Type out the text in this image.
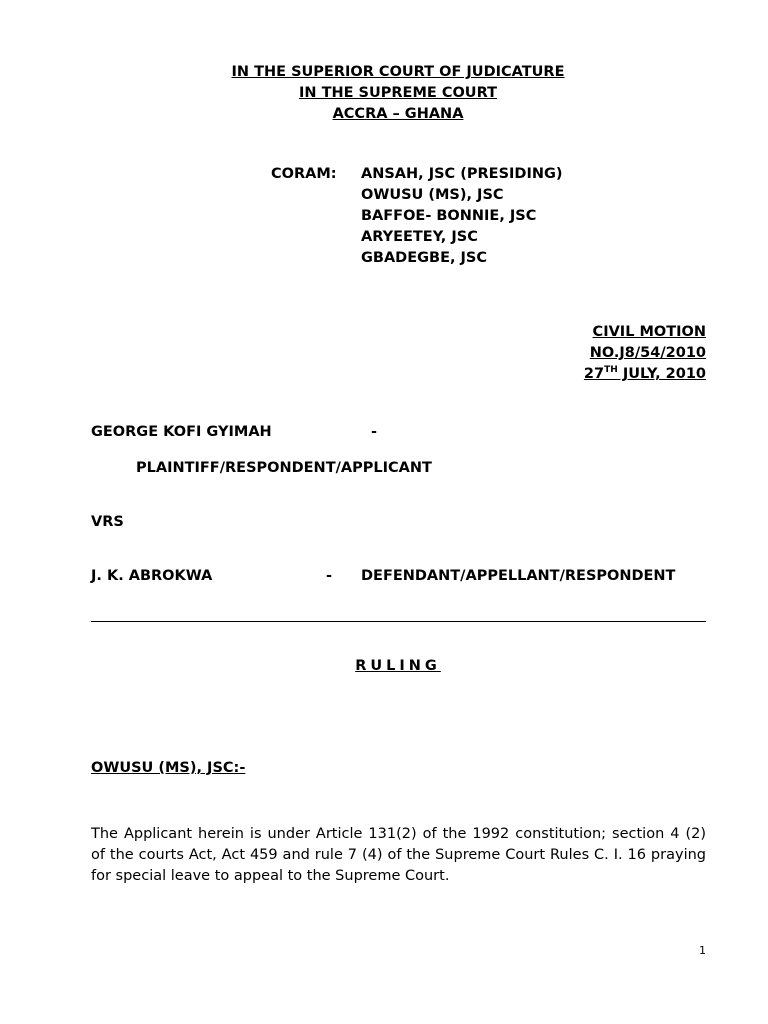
IN THE SUPERIOR COURT OF JUDICATURE
IN THE SUPREME COURT
ACCRA – GHANA
CORAM: ANSAH, JSC (PRESIDING)
OWUSU (MS), JSC
BAFFOE- BONNIE, JSC
ARYEETEY, JSC
GBADEGBE, JSC
CIVIL MOTION
NO.J8/54/2010
27TH JULY, 2010
GEORGE KOFI GYIMAH	-
PLAINTIFF/RESPONDENT/APPLICANT
VRS
J. K. ABROKWA	- DEFENDANT/APPELLANT/RESPONDENT
RULING
OWUSU (MS), JSC:-
The Applicant herein is under Article 131(2) of the 1992 constitution; section 4 (2) of the courts Act, Act 459 and rule 7 (4) of the Supreme Court Rules C. I. 16 praying for special leave to appeal to the Supreme Court.
1
